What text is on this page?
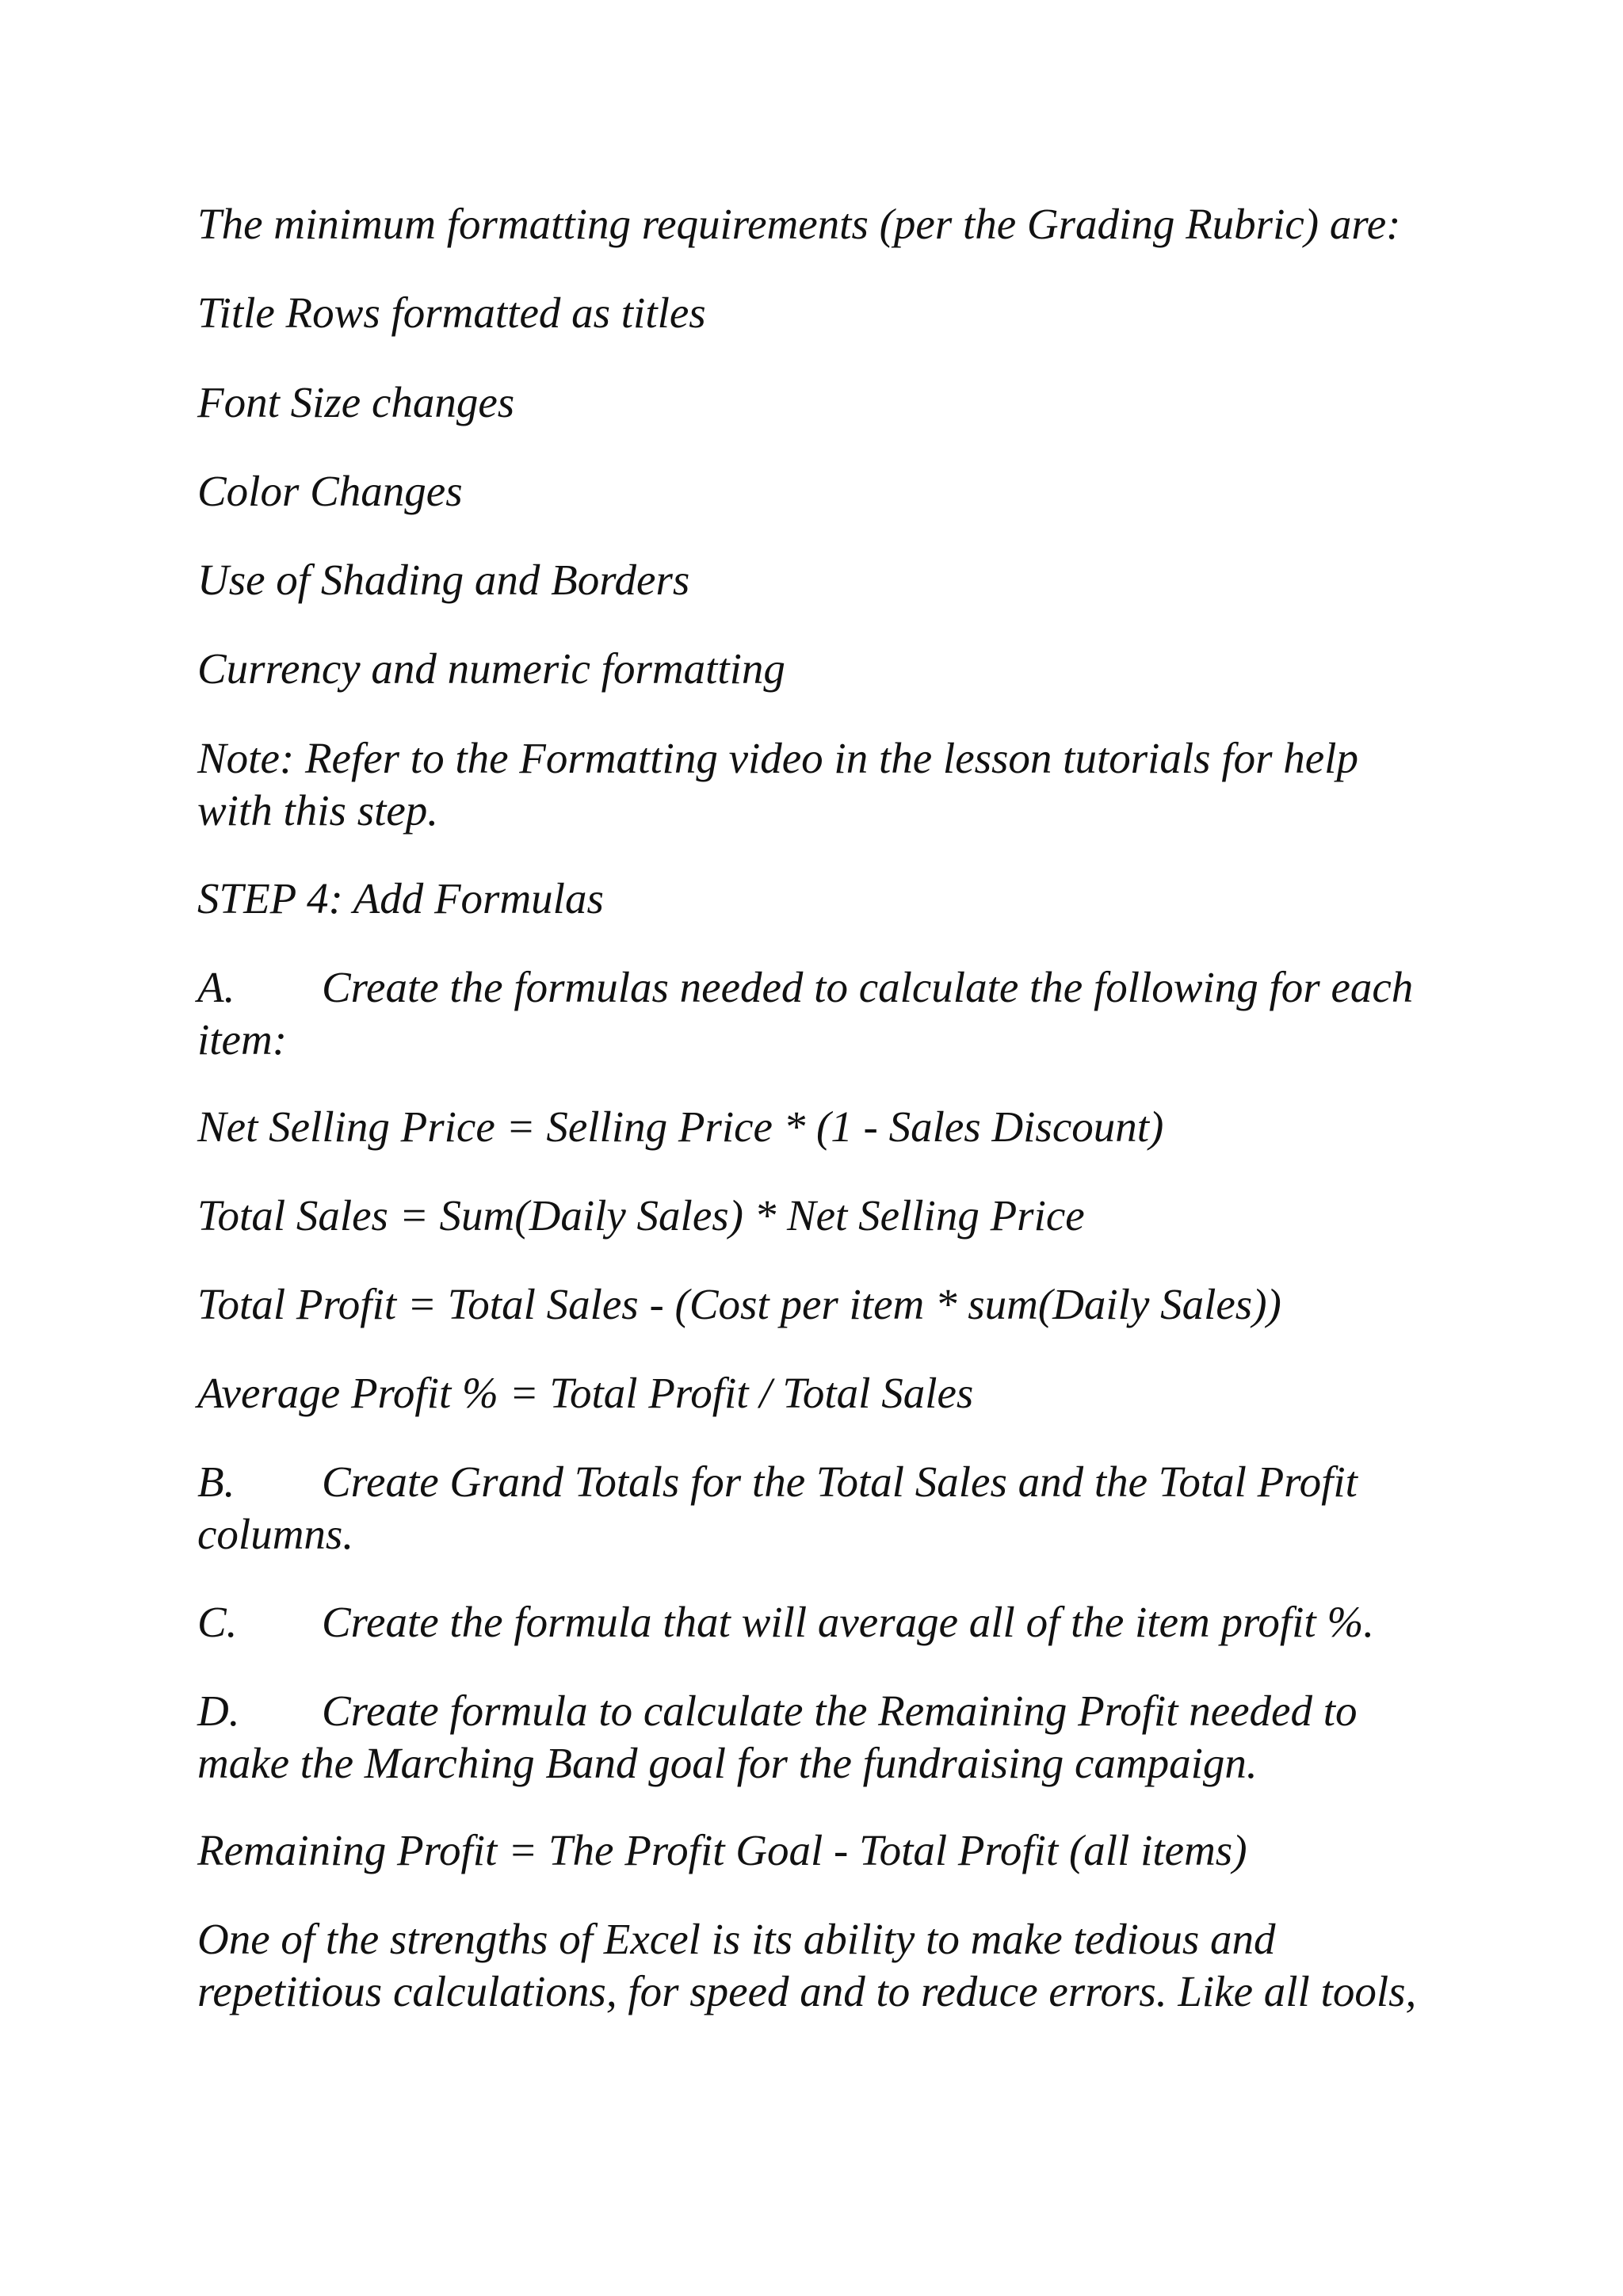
The minimum formatting requirements (per the Grading Rubric) are:

Title Rows formatted as titles

Font Size changes

Color Changes

Use of Shading and Borders

Currency and numeric formatting

Note: Refer to the Formatting video in the lesson tutorials for help
with this step.

STEP 4: Add Formulas

A. Create the formulas needed to calculate the following for each
item:

Net Selling Price = Selling Price * (1 - Sales Discount)

Total Sales = Sum(Daily Sales) * Net Selling Price

Total Profit = Total Sales - (Cost per item * sum(Daily Sales))

Average Profit % = Total Profit / Total Sales

B. Create Grand Totals for the Total Sales and the Total Profit
columns.

C. Create the formula that will average all of the item profit %.

D. Create formula to calculate the Remaining Profit needed to
make the Marching Band goal for the fundraising campaign.

Remaining Profit = The Profit Goal - Total Profit (all items)

One of the strengths of Excel is its ability to make tedious and
repetitious calculations, for speed and to reduce errors. Like all tools,
